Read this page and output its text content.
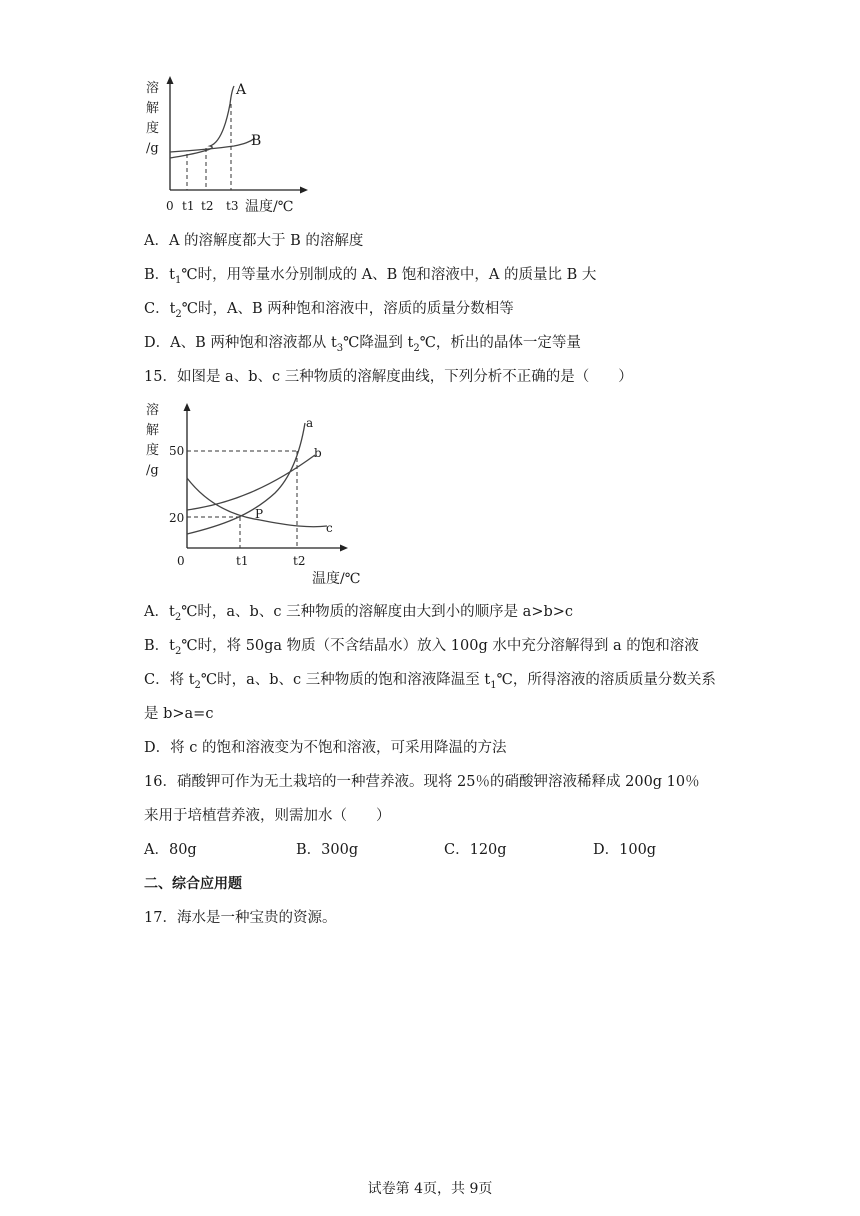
溶
解
度
/g
A
B
0 t1 t2 t3 温度/℃
A．A 的溶解度都大于 B 的溶解度
B．$t_1℃$时，用等量水分别制成的 A、B 饱和溶液中，A 的质量比 B 大
C．$t_2℃$时，A、B 两种饱和溶液中，溶质的质量分数相等
D．A、B 两种饱和溶液都从 $t_3℃$降温到 $t_2℃$，析出的晶体一定等量
15．如图是 a、b、c 三种物质的溶解度曲线，下列分析不正确的是（　　）
溶
解
度
/g
50
20
a
b
c
P
0	t1	t2
温度/℃
A．$t_2℃$时，a、b、c 三种物质的溶解度由大到小的顺序是 a>b>c
B．$t_2℃$时，将 50ga 物质（不含结晶水）放入 100g 水中充分溶解得到 a 的饱和溶液
C．将 $t_2℃$时，a、b、c 三种物质的饱和溶液降温至 $t_1℃$，所得溶液的溶质质量分数关系
是 b>a=c
D．将 c 的饱和溶液变为不饱和溶液，可采用降温的方法
16．硝酸钾可作为无土栽培的一种营养液。现将 25％的硝酸钾溶液稀释成 200g 10％
来用于培植营养液，则需加水（　　）
A．80g	B．300g	C．120g	D．100g
二、综合应用题
17．海水是一种宝贵的资源。
试卷第 4页，共 9页
